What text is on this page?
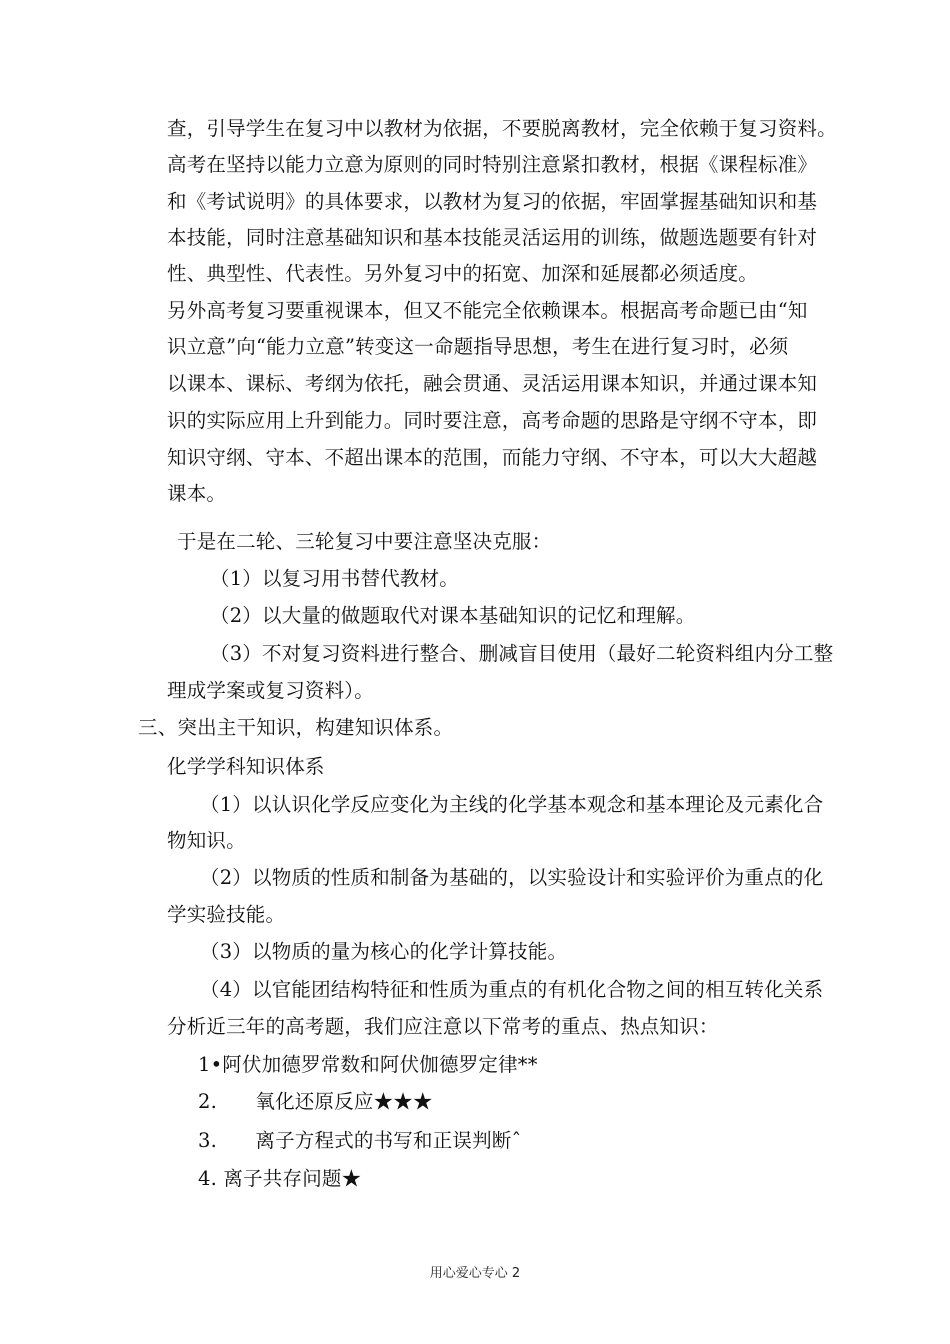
查，引导学生在复习中以教材为依据，不要脱离教材，完全依赖于复习资料。
高考在坚持以能力立意为原则的同时特别注意紧扣教材，根据《课程标准》
和《考试说明》的具体要求，以教材为复习的依据，牢固掌握基础知识和基
本技能，同时注意基础知识和基本技能灵活运用的训练，做题选题要有针对
性、典型性、代表性。另外复习中的拓宽、加深和延展都必须适度。
另外高考复习要重视课本，但又不能完全依赖课本。根据高考命题已由“知
识立意”向“能力立意”转变这一命题指导思想，考生在进行复习时，必须
以课本、课标、考纲为依托，融会贯通、灵活运用课本知识，并通过课本知
识的实际应用上升到能力。同时要注意，高考命题的思路是守纲不守本，即
知识守纲、守本、不超出课本的范围，而能力守纲、不守本，可以大大超越
课本。
于是在二轮、三轮复习中要注意坚决克服：
（1）以复习用书替代教材。
（2）以大量的做题取代对课本基础知识的记忆和理解。
（3）不对复习资料进行整合、删减盲目使用（最好二轮资料组内分工整
理成学案或复习资料）。
三、突出主干知识，构建知识体系。
化学学科知识体系
（1）以认识化学反应变化为主线的化学基本观念和基本理论及元素化合
物知识。
（2）以物质的性质和制备为基础的，以实验设计和实验评价为重点的化
学实验技能。
（3）以物质的量为核心的化学计算技能。
（4）以官能团结构特征和性质为重点的有机化合物之间的相互转化关系
分析近三年的高考题，我们应注意以下常考的重点、热点知识：
1•阿伏加德罗常数和阿伏伽德罗定律**
2.      氧化还原反应★★★
3.      离子方程式的书写和正误判断ˆ
4. 离子共存问题★
用心爱心专心 2
